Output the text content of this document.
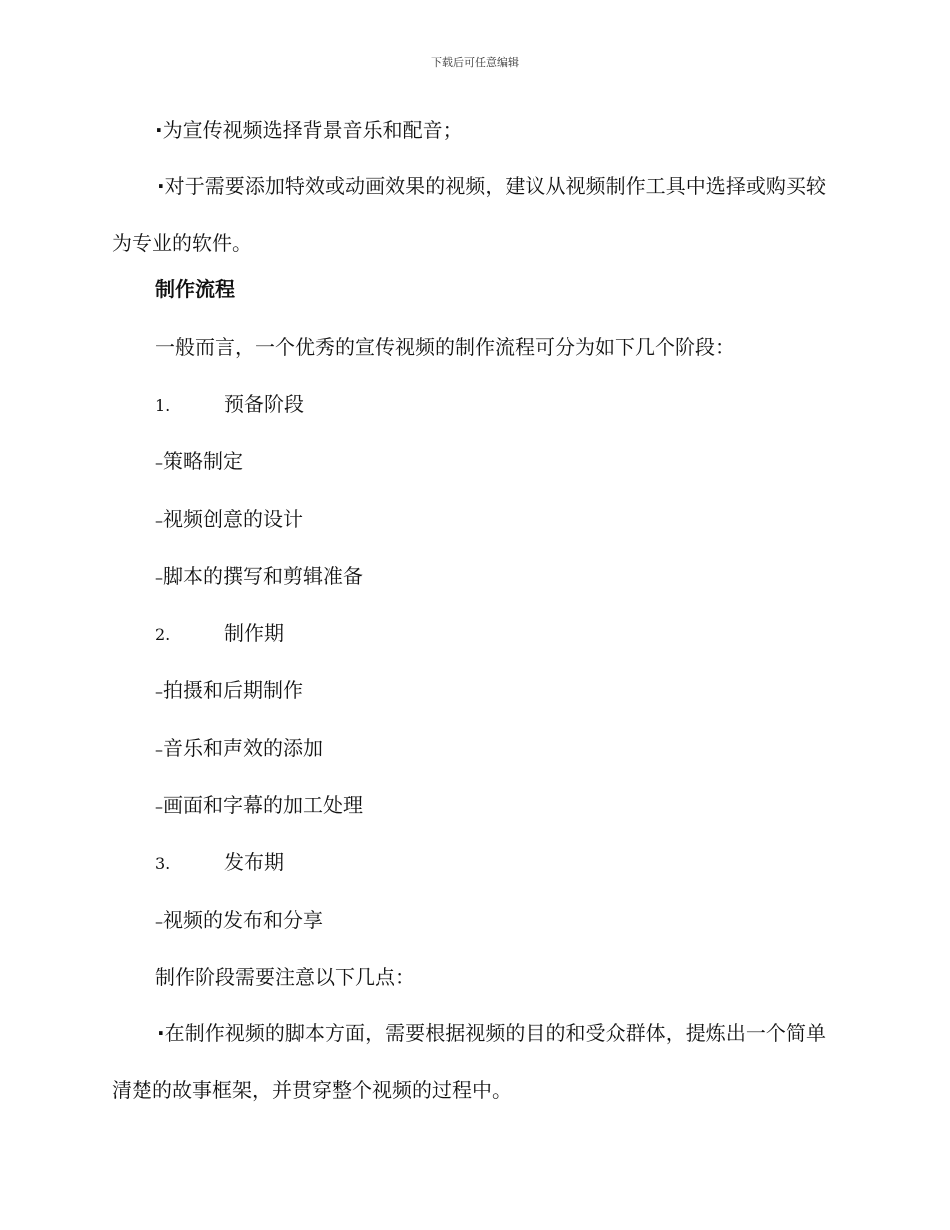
下载后可任意编辑
·为宣传视频选择背景音乐和配音；
·对于需要添加特效或动画效果的视频，建议从视频制作工具中选择或购买较为专业的软件。
制作流程
一般而言，一个优秀的宣传视频的制作流程可分为如下几个阶段：
1.	预备阶段
–策略制定
–视频创意的设计
–脚本的撰写和剪辑准备
2.	制作期
–拍摄和后期制作
–音乐和声效的添加
–画面和字幕的加工处理
3.	发布期
–视频的发布和分享
制作阶段需要注意以下几点：
·在制作视频的脚本方面，需要根据视频的目的和受众群体，提炼出一个简单清楚的故事框架，并贯穿整个视频的过程中。
